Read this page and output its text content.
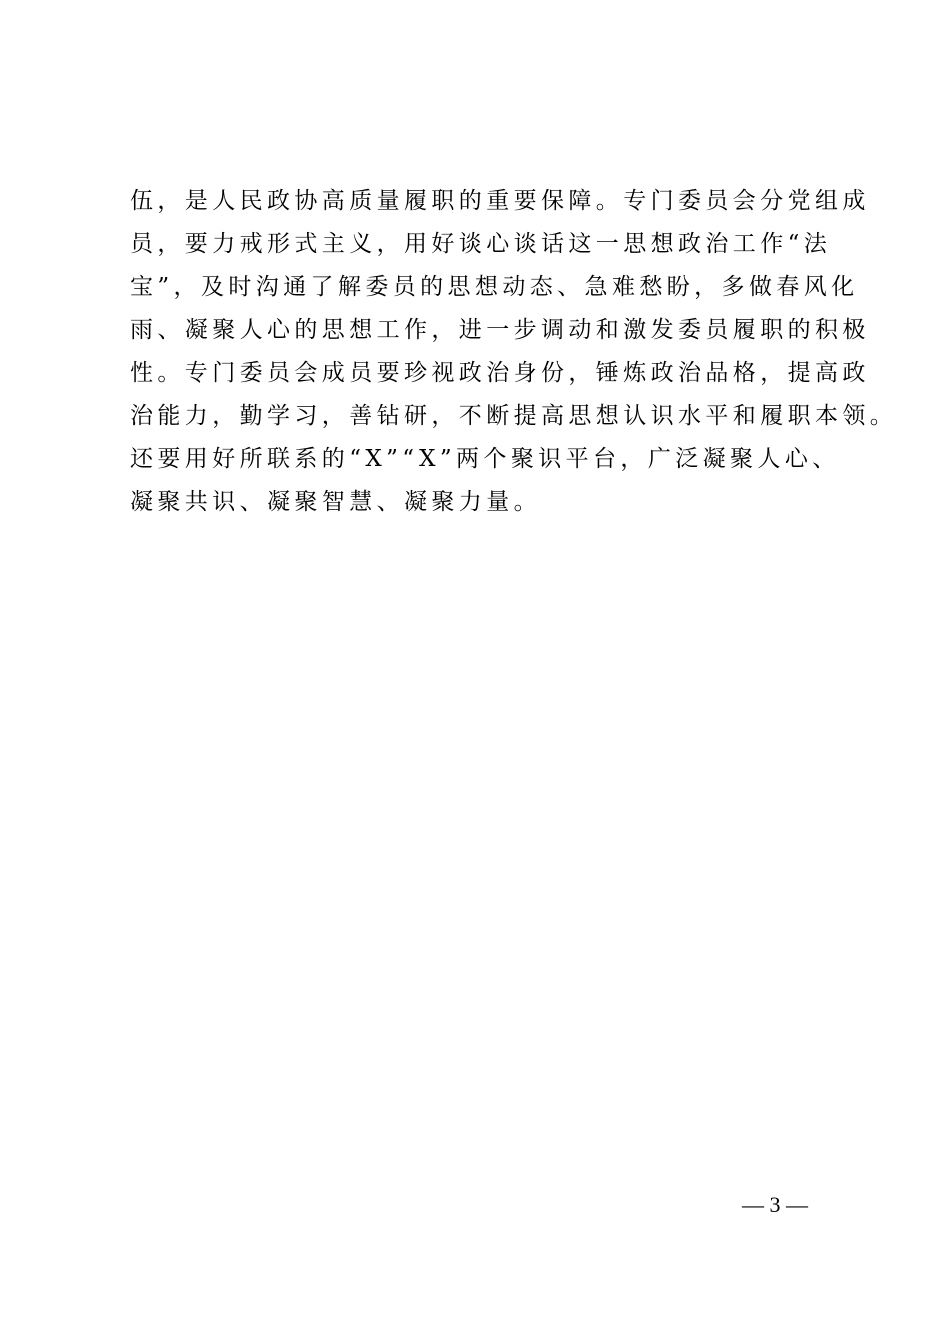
伍，是人民政协高质量履职的重要保障。专门委员会分党组成
员，要力戒形式主义，用好谈心谈话这一思想政治工作“法
宝”，及时沟通了解委员的思想动态、急难愁盼，多做春风化
雨、凝聚人心的思想工作，进一步调动和激发委员履职的积极
性。专门委员会成员要珍视政治身份，锤炼政治品格，提高政
治能力，勤学习，善钻研，不断提高思想认识水平和履职本领。
还要用好所联系的“X”“X”两个聚识平台，广泛凝聚人心、
凝聚共识、凝聚智慧、凝聚力量。
— 3 —
